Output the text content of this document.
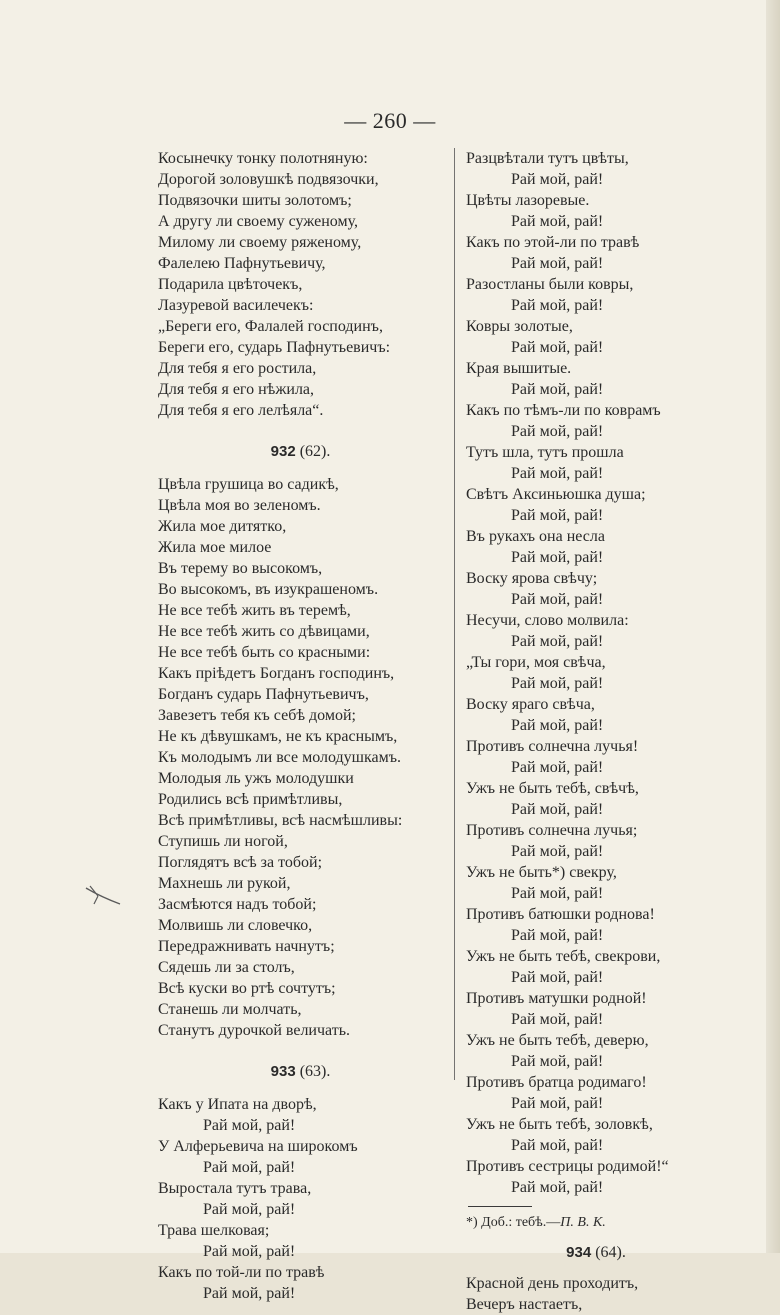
— 260 —
Косынечку тонку полотняную:
Дорогой золовушкѣ подвязочки,
Подвязочки шиты золотомъ;
А другу ли своему суженому,
Милому ли своему ряженому,
Фалелею Пафнутьевичу,
Подарила цвѣточекъ,
Лазуревой василечекъ:
„Береги его, Фалалей господинъ,
Береги его, сударь Пафнутьевичъ:
Для тебя я его ростила,
Для тебя я его нѣжила,
Для тебя я его лелѣяла“.
932 (62).
Цвѣла грушица во садикѣ,
Цвѣла моя во зеленомъ.
Жила мое дитятко,
Жила мое милое
Въ терему во высокомъ,
Во высокомъ, въ изукрашеномъ.
Не все тебѣ жить въ теремѣ,
Не все тебѣ жить со дѣвицами,
Не все тебѣ быть со красными:
Какъ прiѣдетъ Богданъ господинъ,
Богданъ сударь Пафнутьевичъ,
Завезетъ тебя къ себѣ домой;
Не къ дѣвушкамъ, не къ краснымъ,
Къ молодымъ ли все молодушкамъ.
Молодыя ль ужъ молодушки
Родились всѣ примѣтливы,
Всѣ примѣтливы, всѣ насмѣшливы:
Ступишь ли ногой,
Поглядятъ всѣ за тобой;
Махнешь ли рукой,
Засмѣются надъ тобой;
Молвишь ли словечко,
Передражнивать начнутъ;
Сядешь ли за столъ,
Всѣ куски во ртѣ сочтутъ;
Станешь ли молчать,
Станутъ дурочкой величать.
933 (63).
Какъ у Ипата на дворѣ,
Рай мой, рай!
У Алферьевича на широкомъ
Рай мой, рай!
Выростала тутъ трава,
Рай мой, рай!
Трава шелковая;
Рай мой, рай!
Какъ по той-ли по травѣ
Рай мой, рай!
Разцвѣтали тутъ цвѣты,
Рай мой, рай!
Цвѣты лазоревые.
Рай мой, рай!
Какъ по этой-ли по травѣ
Рай мой, рай!
Разостланы были ковры,
Рай мой, рай!
Ковры золотые,
Рай мой, рай!
Края вышитые.
Рай мой, рай!
Какъ по тѣмъ-ли по коврамъ
Рай мой, рай!
Тутъ шла, тутъ прошла
Рай мой, рай!
Свѣтъ Аксиньюшка душа;
Рай мой, рай!
Въ рукахъ она несла
Рай мой, рай!
Воску ярова свѣчу;
Рай мой, рай!
Несучи, слово молвила:
Рай мой, рай!
„Ты гори, моя свѣча,
Рай мой, рай!
Воску яраго свѣча,
Рай мой, рай!
Противъ солнечна лучья!
Рай мой, рай!
Ужъ не быть тебѣ, свѣчѣ,
Рай мой, рай!
Противъ солнечна лучья;
Рай мой, рай!
Ужъ не быть*) свекру,
Рай мой, рай!
Противъ батюшки роднова!
Рай мой, рай!
Ужъ не быть тебѣ, свекрови,
Рай мой, рай!
Противъ матушки родной!
Рай мой, рай!
Ужъ не быть тебѣ, деверю,
Рай мой, рай!
Противъ братца родимаго!
Рай мой, рай!
Ужъ не быть тебѣ, золовкѣ,
Рай мой, рай!
Противъ сестрицы родимой!“
Рай мой, рай!
*) Доб.: тебѣ.—П. В. К.
934 (64).
Красной день проходитъ,
Вечеръ настаетъ,
